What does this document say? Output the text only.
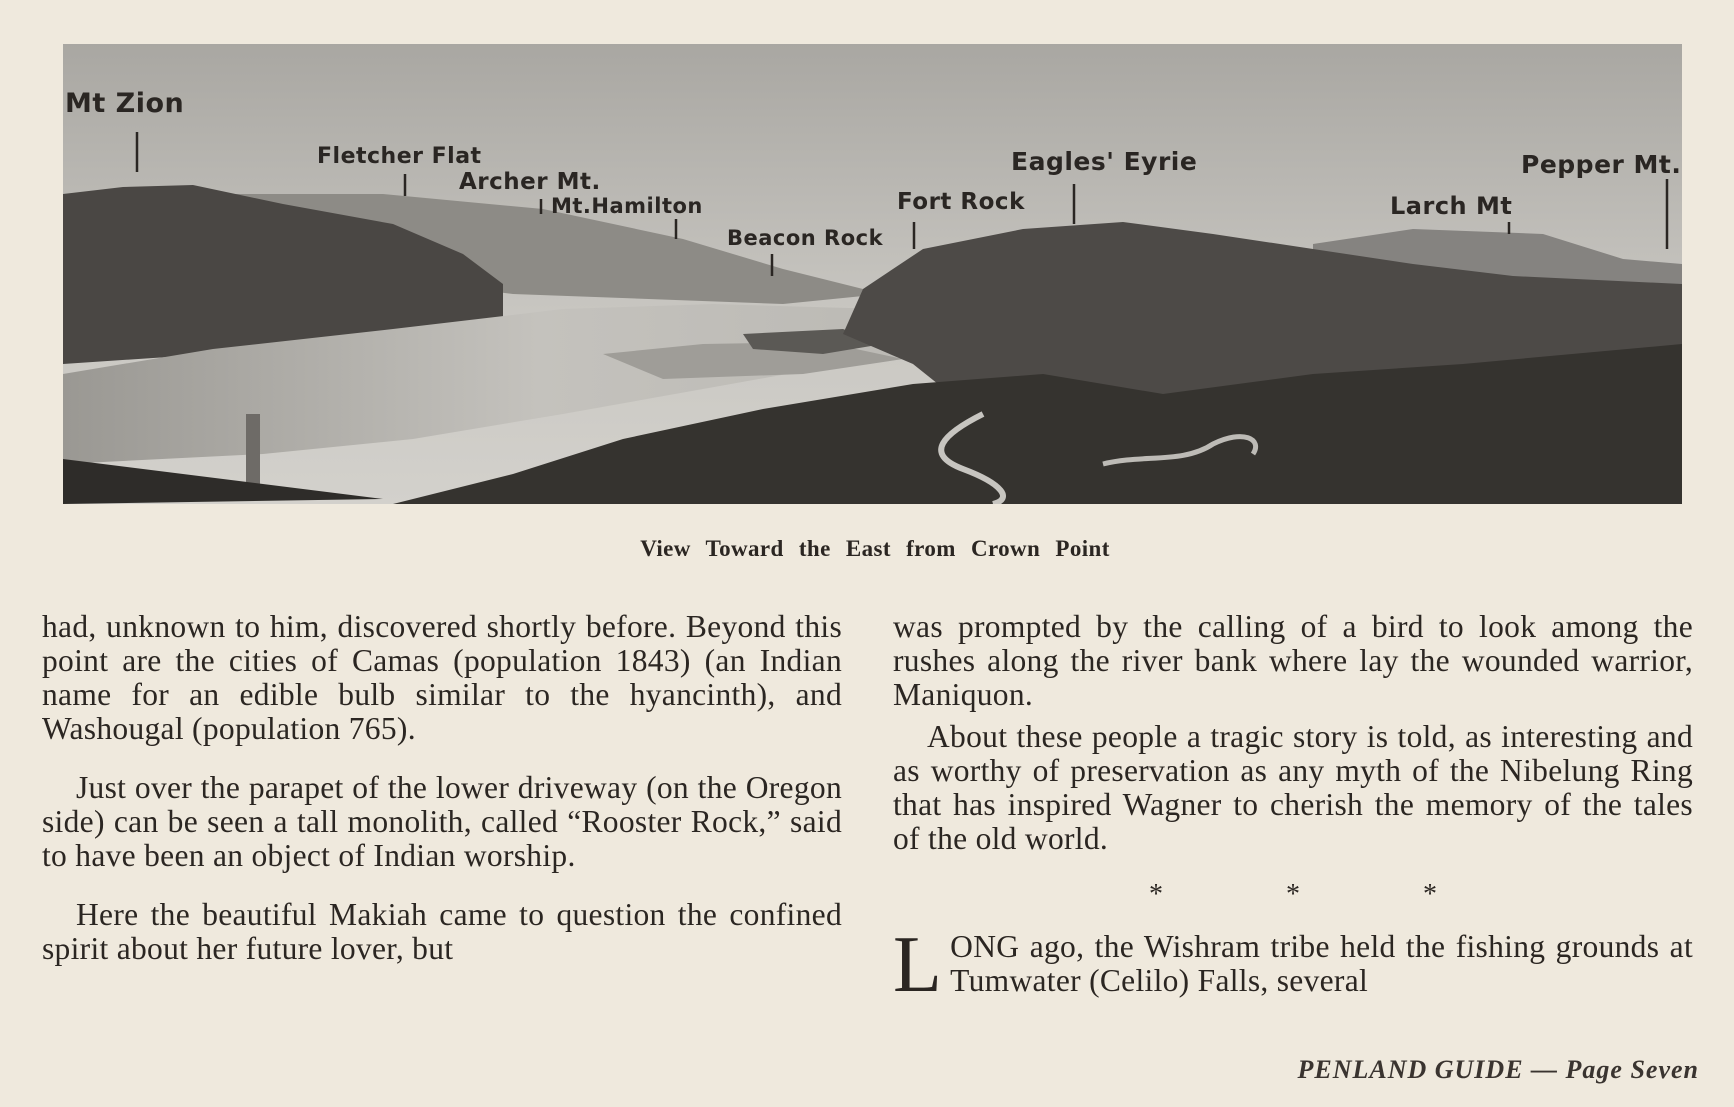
Mt Zion
Fletcher Flat
Archer Mt.
Mt.Hamilton
Beacon Rock
Fort Rock
Eagles' Eyrie
Larch Mt
Pepper Mt.
View Toward the East from Crown Point

had, unknown to him, discovered shortly before. Beyond this point are the cities of Camas (population 1843) (an Indian name for an edible bulb similar to the hyancinth), and Washougal (population 765).

Just over the parapet of the lower driveway (on the Oregon side) can be seen a tall monolith, called “Rooster Rock,” said to have been an object of Indian worship.

Here the beautiful Makiah came to question the confined spirit about her future lover, but

was prompted by the calling of a bird to look among the rushes along the river bank where lay the wounded warrior, Maniquon.

About these people a tragic story is told, as interesting and as worthy of preservation as any myth of the Nibelung Ring that has inspired Wagner to cherish the memory of the tales of the old world.

* * *

LONG ago, the Wishram tribe held the fishing grounds at Tumwater (Celilo) Falls, several

PENLAND GUIDE — Page Seven
